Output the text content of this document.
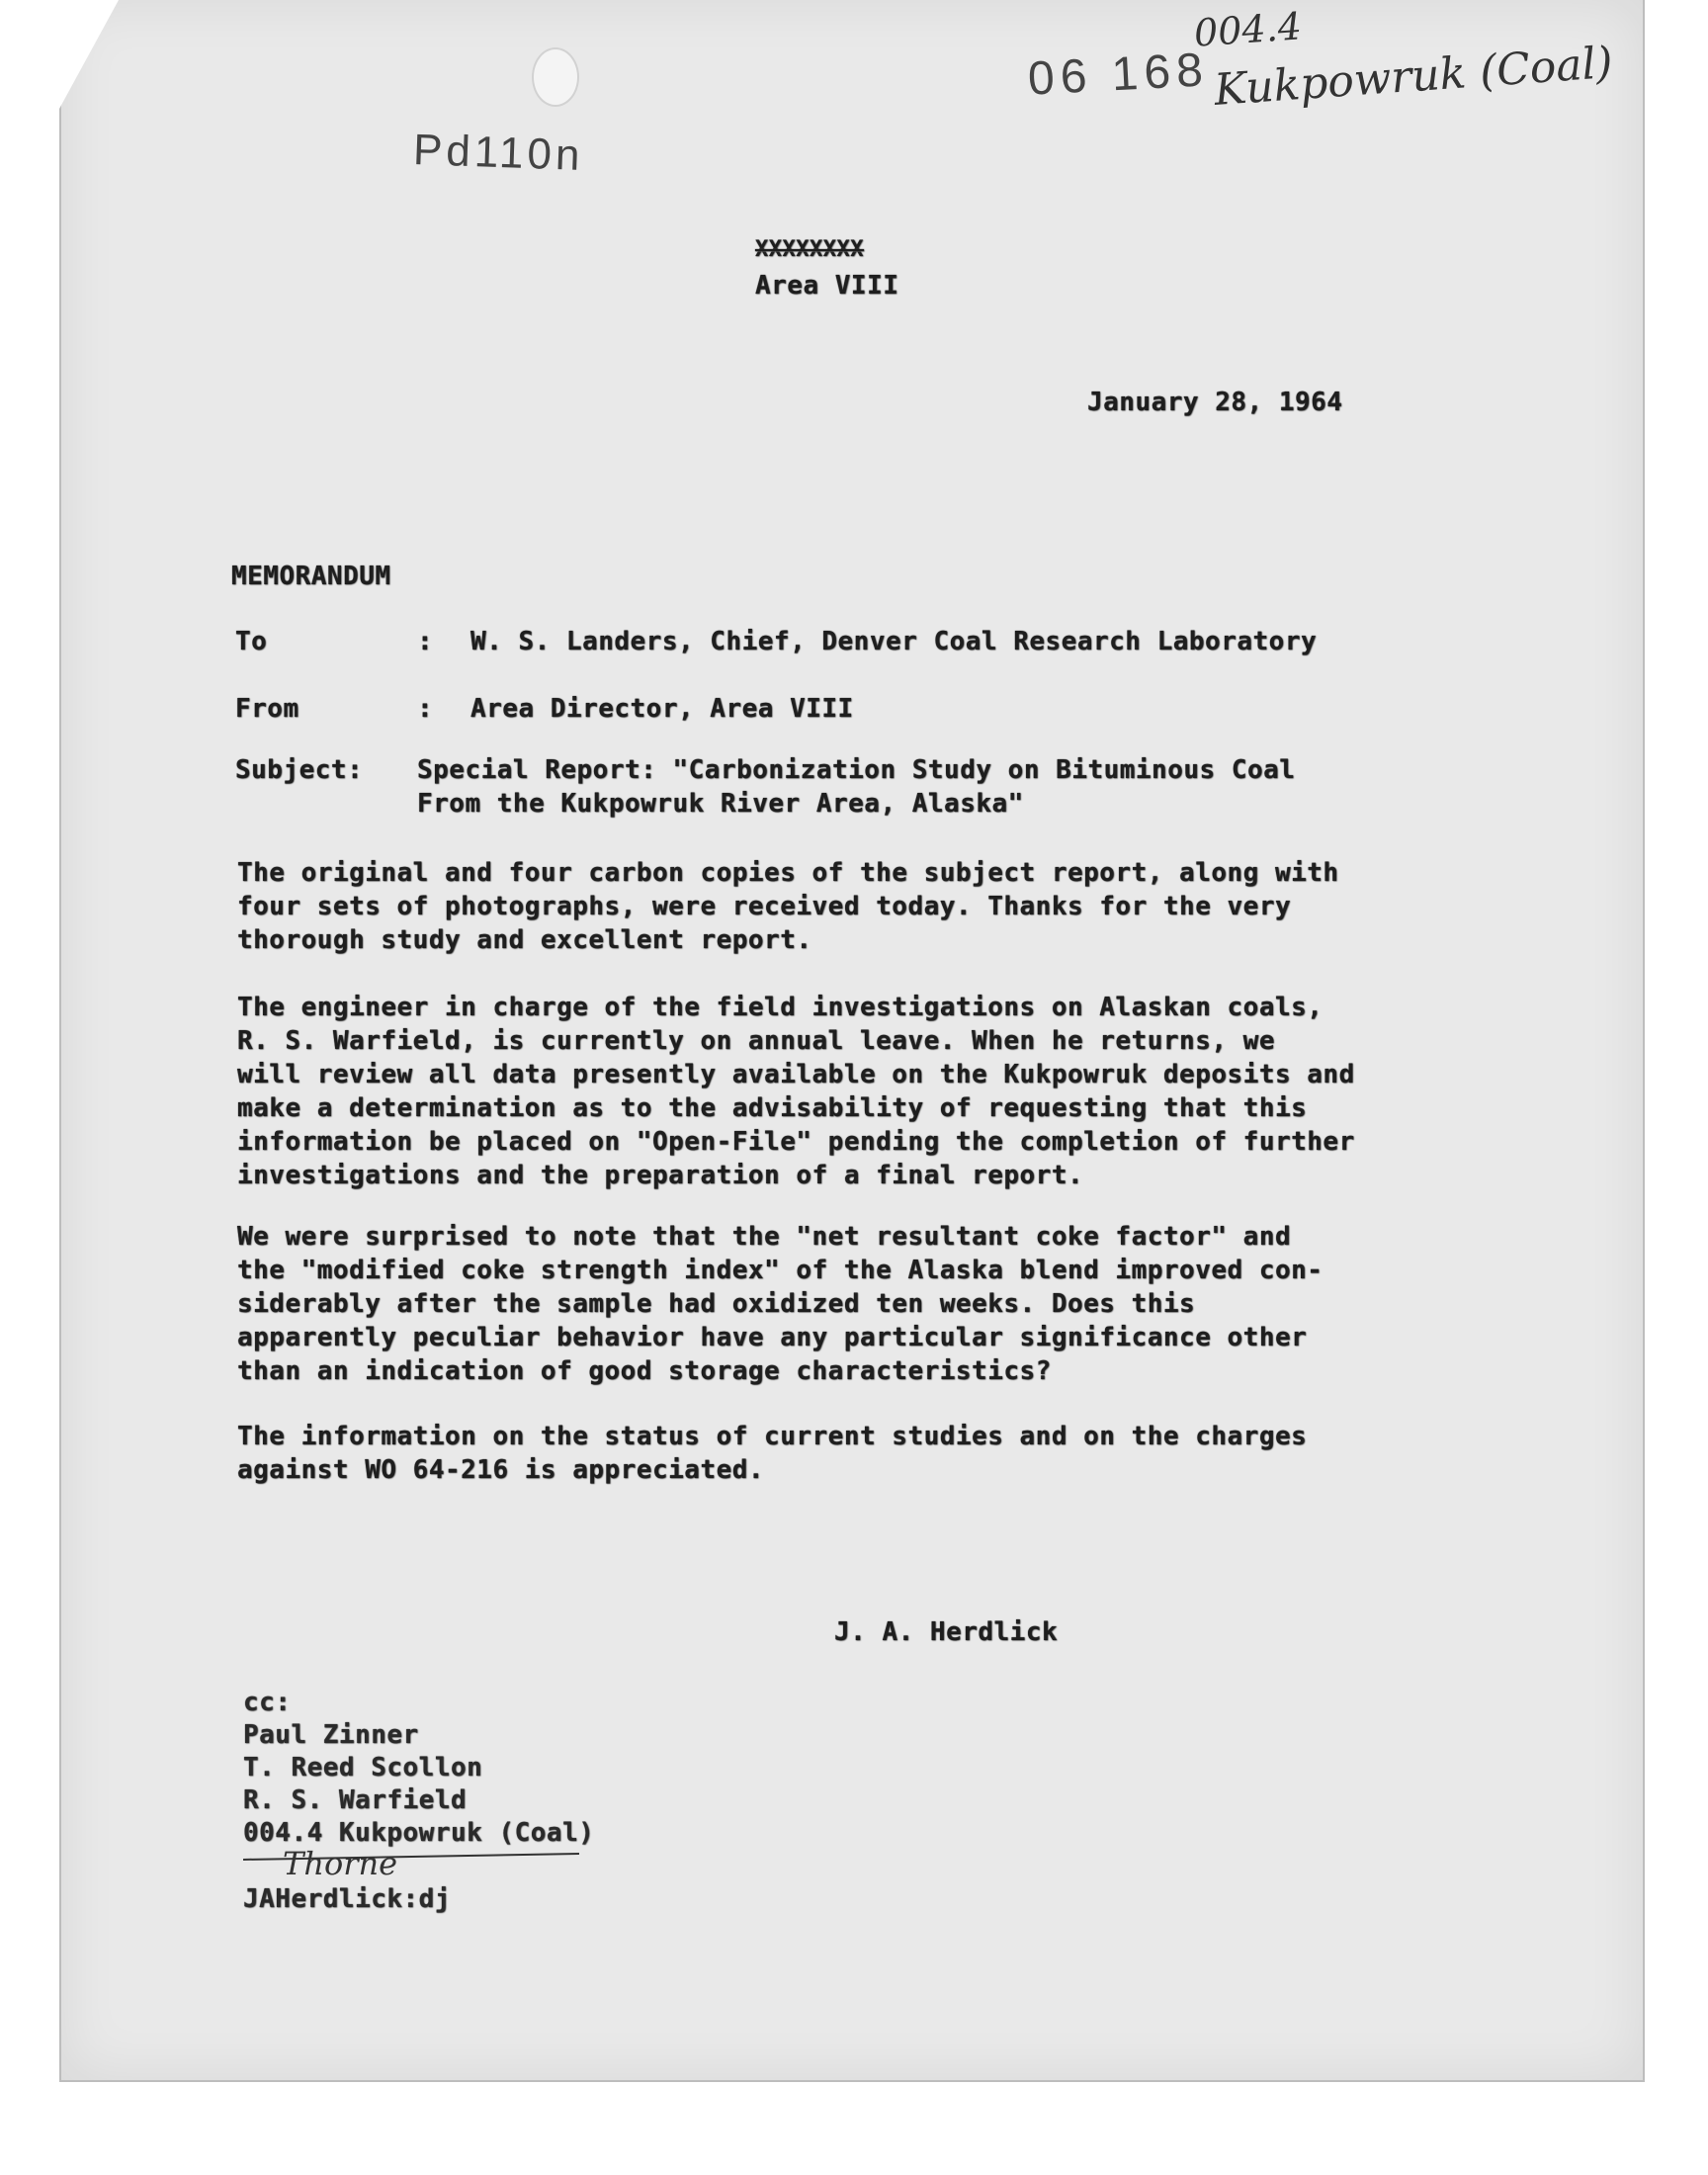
Pd110n

06 168

004.4

Kukpowruk (Coal)

XXXXXXXX

Area VIII

January 28, 1964

MEMORANDUM

To	: W. S. Landers, Chief, Denver Coal Research Laboratory

From	: Area Director, Area VIII

Subject: Special Report: "Carbonization Study on Bituminous Coal

From the Kukpowruk River Area, Alaska"

The original and four carbon copies of the subject report, along with
four sets of photographs, were received today. Thanks for the very
thorough study and excellent report.

The engineer in charge of the field investigations on Alaskan coals,
R. S. Warfield, is currently on annual leave. When he returns, we
will review all data presently available on the Kukpowruk deposits and
make a determination as to the advisability of requesting that this
information be placed on "Open-File" pending the completion of further
investigations and the preparation of a final report.

We were surprised to note that the "net resultant coke factor" and
the "modified coke strength index" of the Alaska blend improved con-
siderably after the sample had oxidized ten weeks. Does this
apparently peculiar behavior have any particular significance other
than an indication of good storage characteristics?

The information on the status of current studies and on the charges
against WO 64-216 is appreciated.

J. A. Herdlick

cc:
Paul Zinner
T. Reed Scollon
R. S. Warfield
004.4 Kukpowruk (Coal)

Thorne

JAHerdlick:dj
